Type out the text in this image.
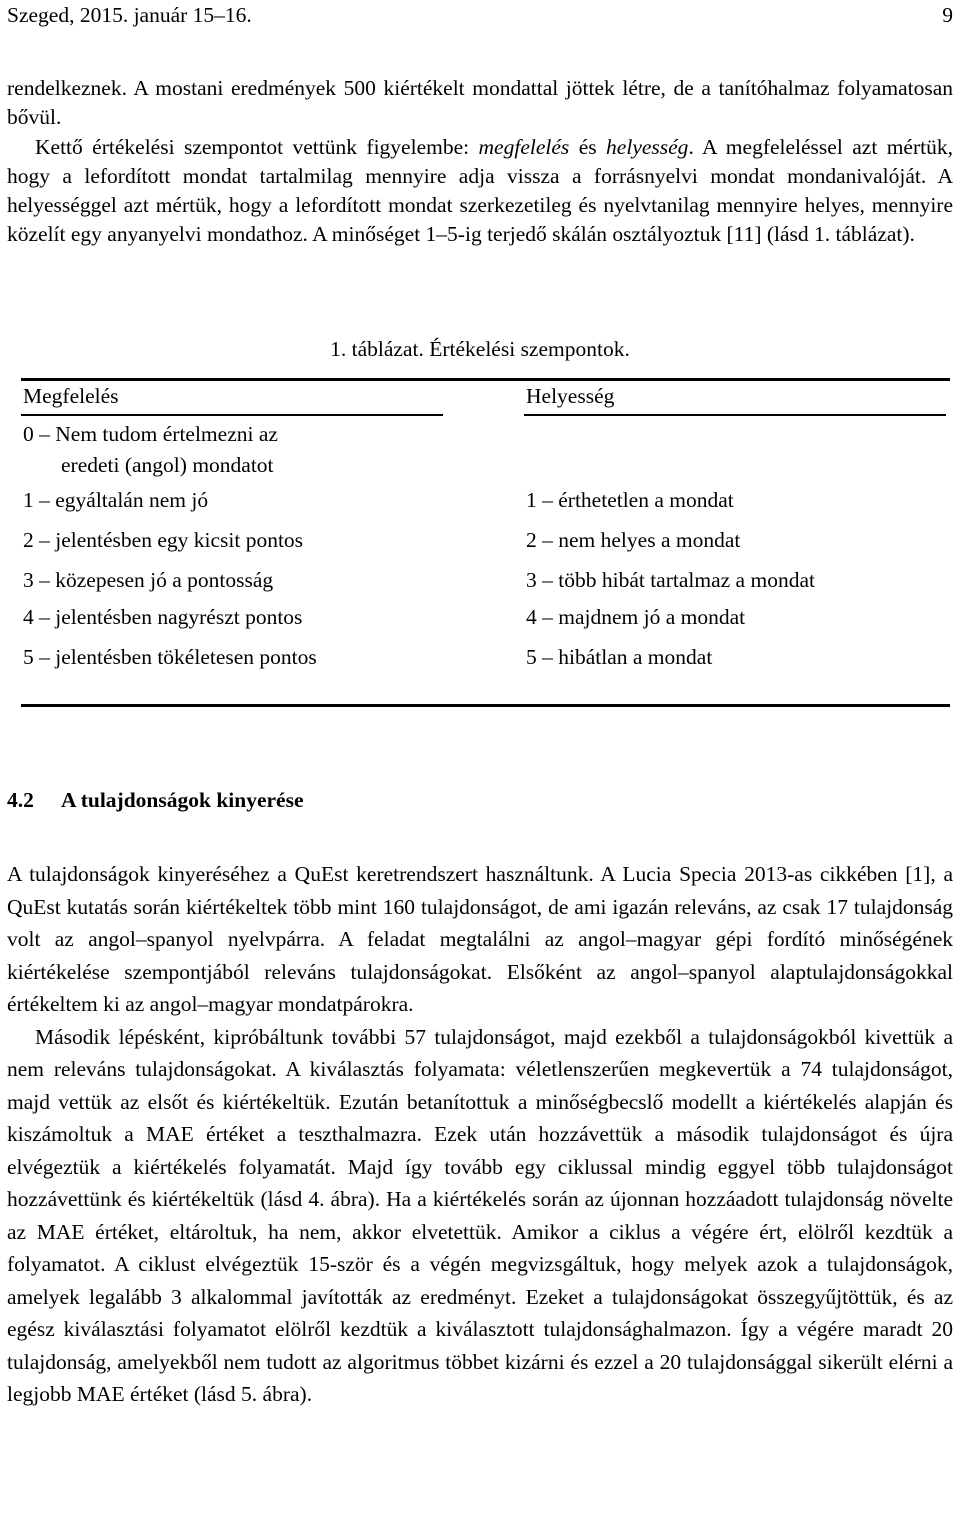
Szeged, 2015. január 15–16.	9

rendelkeznek. A mostani eredmények 500 kiértékelt mondattal jöttek létre, de a tanítóhalmaz folyamatosan bővül.

Kettő értékelési szempontot vettünk figyelembe: megfelelés és helyesség. A megfeleléssel azt mértük, hogy a lefordított mondat tartalmilag mennyire adja vissza a forrásnyelvi mondat mondanivalóját. A helyességgel azt mértük, hogy a lefordított mondat szerkezetileg és nyelvtanilag mennyire helyes, mennyire közelít egy anyanyelvi mondathoz. A minőséget 1–5-ig terjedő skálán osztályoztuk [11] (lásd 1. táblázat).

1. táblázat. Értékelési szempontok.
Megfelelés	Helyesség
0 – Nem tudom értelmezni az
eredeti (angol) mondatot
1 – egyáltalán nem jó	1 – érthetetlen a mondat
2 – jelentésben egy kicsit pontos	2 – nem helyes a mondat
3 – közepesen jó a pontosság	3 – több hibát tartalmaz a mondat
4 – jelentésben nagyrészt pontos	4 – majdnem jó a mondat
5 – jelentésben tökéletesen pontos	5 – hibátlan a mondat
4.2 A tulajdonságok kinyerése

A tulajdonságok kinyeréséhez a QuEst keretrendszert használtunk. A Lucia Specia 2013-as cikkében [1], a QuEst kutatás során kiértékeltek több mint 160 tulajdonságot, de ami igazán releváns, az csak 17 tulajdonság volt az angol–spanyol nyelvpárra. A feladat megtalálni az angol–magyar gépi fordító minőségének kiértékelése szempontjából releváns tulajdonságokat. Elsőként az angol–spanyol alaptulajdonságokkal értékeltem ki az angol–magyar mondatpárokra.

Második lépésként, kipróbáltunk további 57 tulajdonságot, majd ezekből a tulajdonságokból kivettük a nem releváns tulajdonságokat. A kiválasztás folyamata: véletlenszerűen megkevertük a 74 tulajdonságot, majd vettük az elsőt és kiértékeltük. Ezután betanítottuk a minőségbecslő modellt a kiértékelés alapján és kiszámoltuk a MAE értéket a teszthalmazra. Ezek után hozzávettük a második tulajdonságot és újra elvégeztük a kiértékelés folyamatát. Majd így tovább egy ciklussal mindig eggyel több tulajdonságot hozzávettünk és kiértékeltük (lásd 4. ábra). Ha a kiértékelés során az újonnan hozzáadott tulajdonság növelte az MAE értéket, eltároltuk, ha nem, akkor elvetettük. Amikor a ciklus a végére ért, elölről kezdtük a folyamatot. A ciklust elvégeztük 15-ször és a végén megvizsgáltuk, hogy melyek azok a tulajdonságok, amelyek legalább 3 alkalommal javították az eredményt. Ezeket a tulajdonságokat összegyűjtöttük, és az egész kiválasztási folyamatot elölről kezdtük a kiválasztott tulajdonsághalmazon. Így a végére maradt 20 tulajdonság, amelyekből nem tudott az algoritmus többet kizárni és ezzel a 20 tulajdonsággal sikerült elérni a legjobb MAE értéket (lásd 5. ábra).
